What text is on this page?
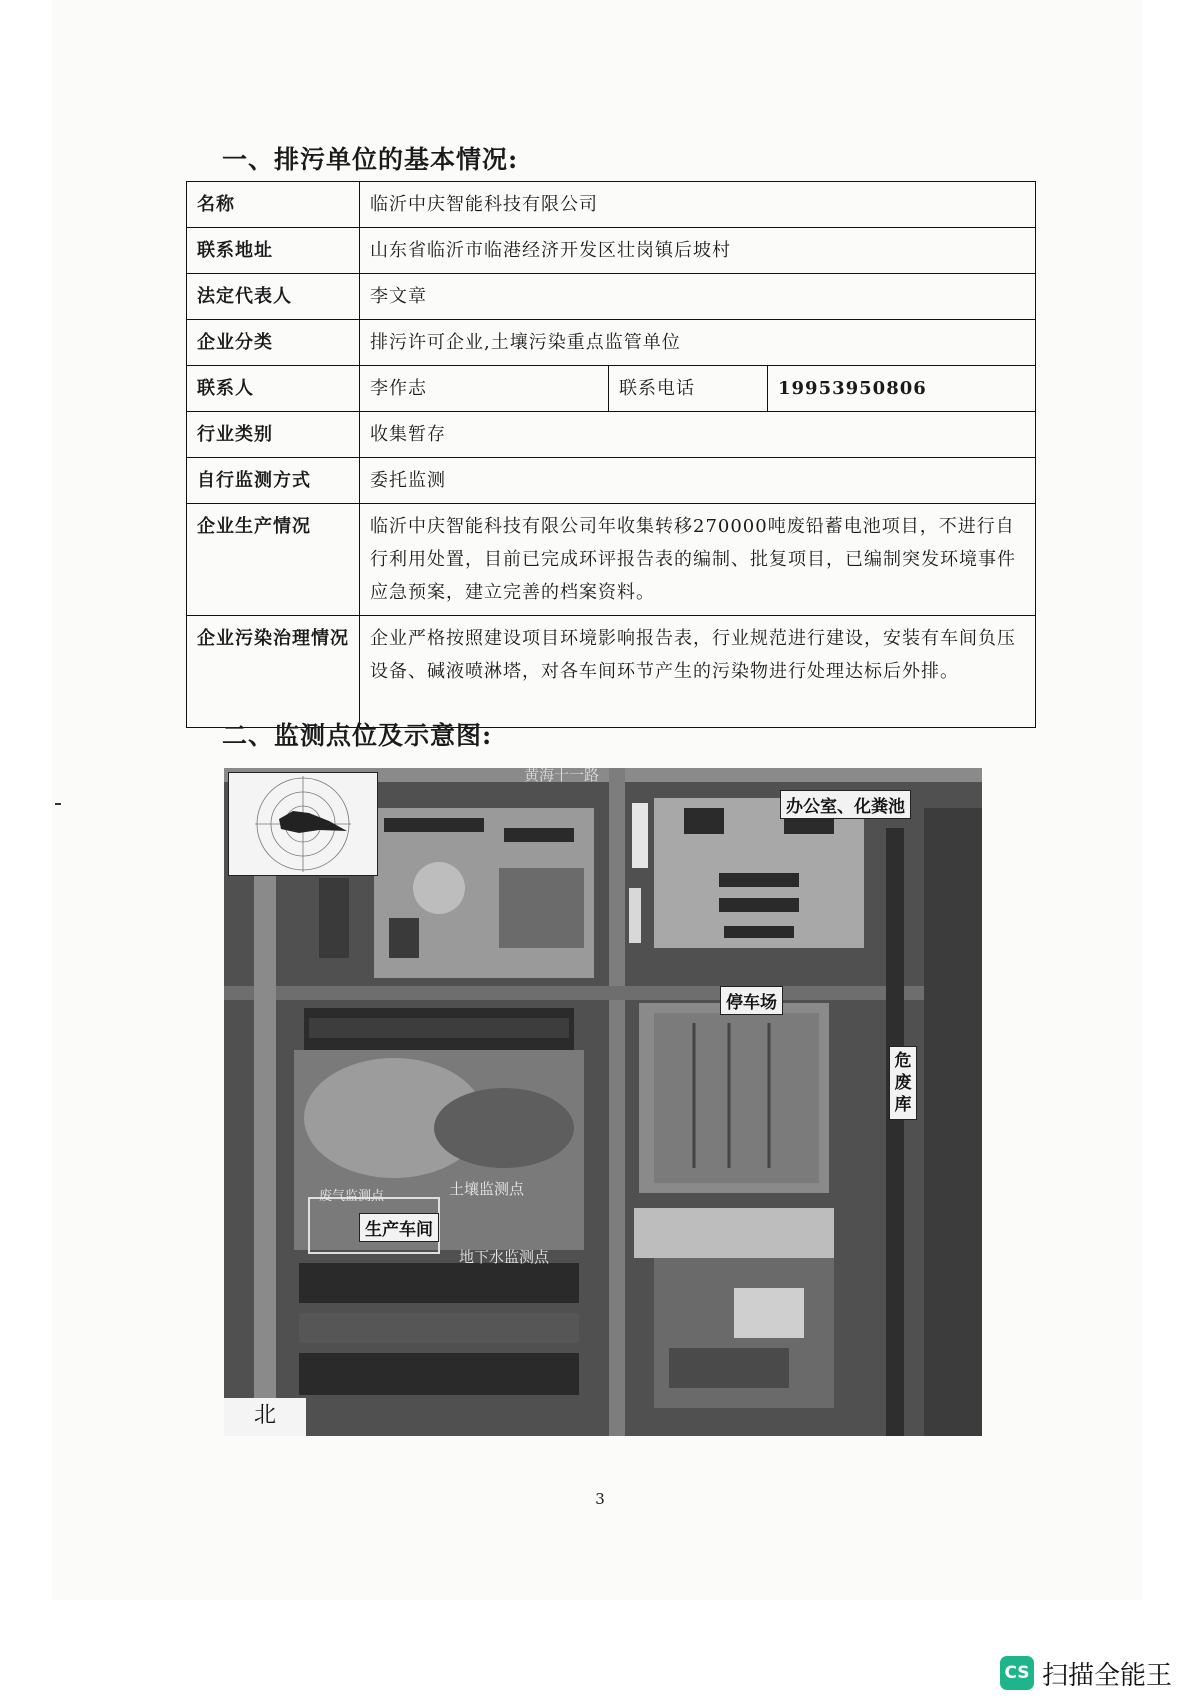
一、排污单位的基本情况:
名称	临沂中庆智能科技有限公司		
联系地址	山东省临沂市临港经济开发区壮岗镇后坡村		
法定代表人	李文章		
企业分类	排污许可企业,土壤污染重点监管单位		
联系人	李作志	联系电话	19953950806
行业类别	收集暂存		
自行监测方式	委托监测		
企业生产情况	临沂中庆智能科技有限公司年收集转移270000吨废铅蓄电池项目，不进行自行利用处置，目前已完成环评报告表的编制、批复项目，已编制突发环境事件应急预案，建立完善的档案资料。		
企业污染治理情况	企业严格按照建设项目环境影响报告表，行业规范进行建设，安装有车间负压设备、碱液喷淋塔，对各车间环节产生的污染物进行处理达标后外排。		
二、监测点位及示意图:
黄海十一路
办公室、化粪池
停车场
危废库
废气监测点	土壤监测点
生产车间
地下水监测点
北
3
CS 扫描全能王
